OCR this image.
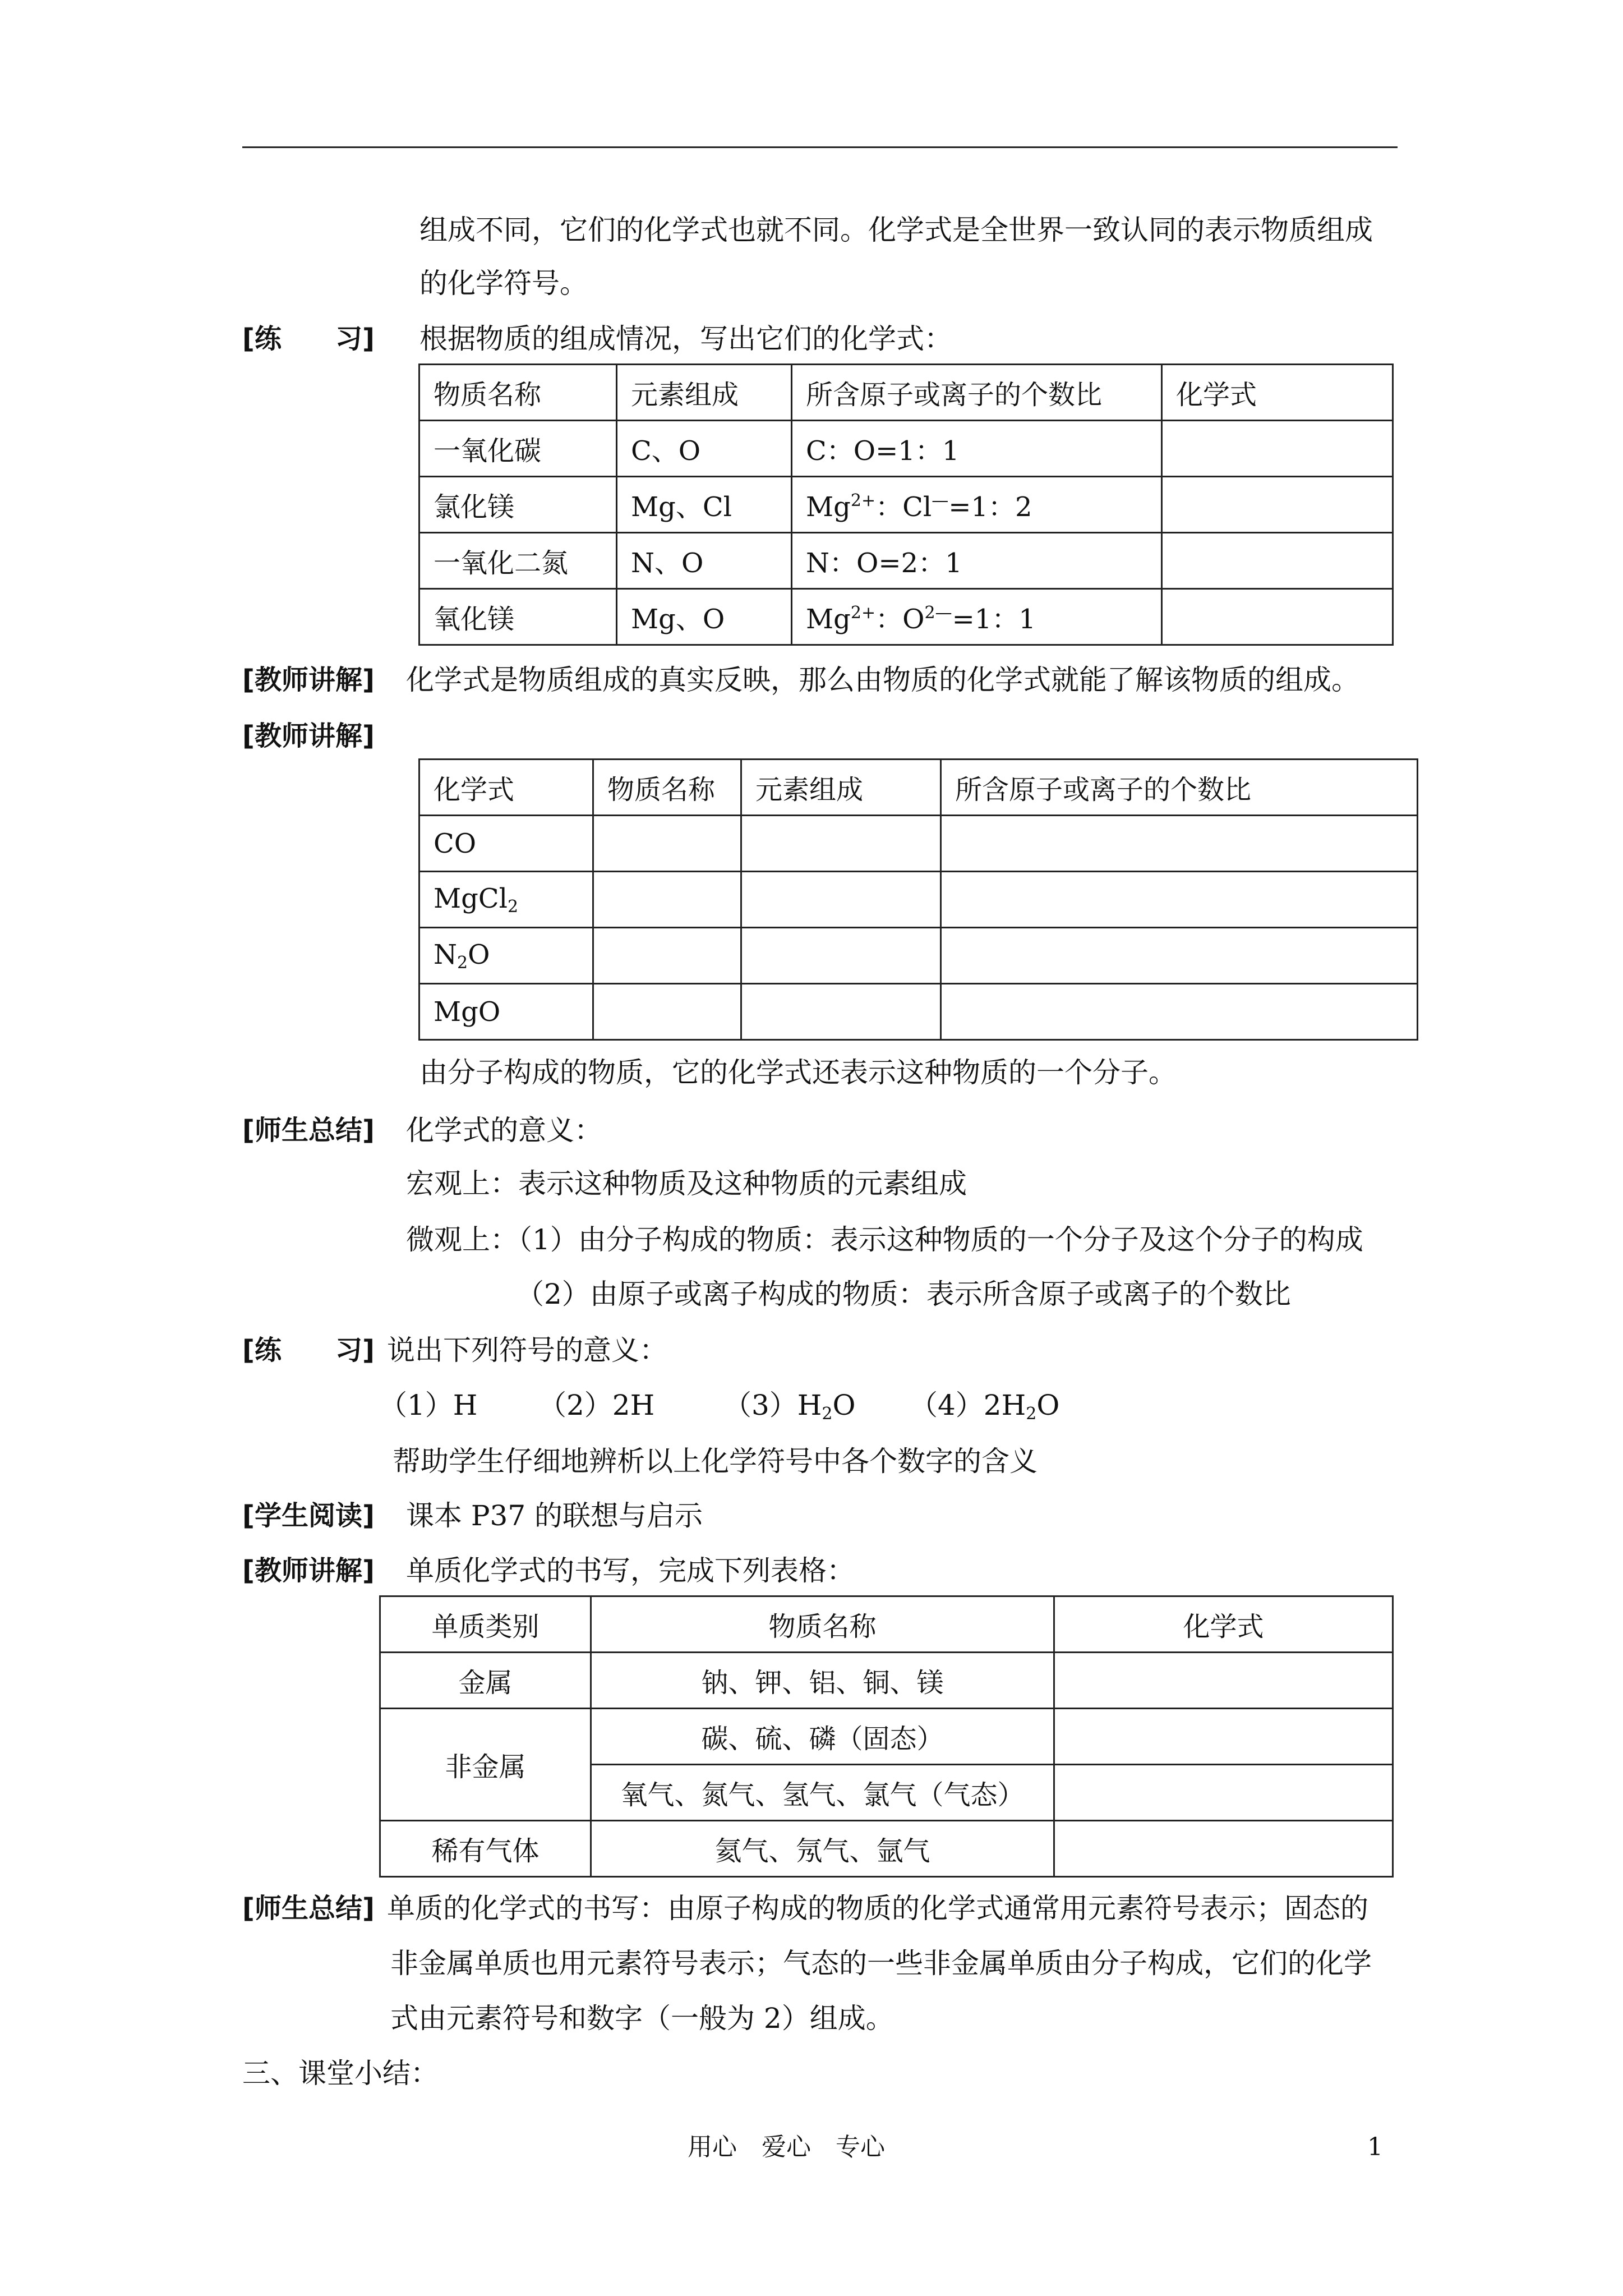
组成不同，它们的化学式也就不同。化学式是全世界一致认同的表示物质组成
的化学符号。
[练　　习] 根据物质的组成情况，写出它们的化学式：
物质名称	元素组成	所含原子或离子的个数比	化学式
一氧化碳	C、O	C：O=1：1	
氯化镁	Mg、Cl	$Mg^{2+}$：Cl—=1：2	
一氧化二氮	N、O	N：O=2：1	
氧化镁	Mg、O	$Mg^{2+}$：$O^{2—}=1$：1	
[教师讲解] 化学式是物质组成的真实反映，那么由物质的化学式就能了解该物质的组成。
[教师讲解]
化学式	物质名称	元素组成	所含原子或离子的个数比
CO			
MgCl$_2$			
$N_2O$			
MgO			
由分子构成的物质，它的化学式还表示这种物质的一个分子。
[师生总结] 化学式的意义：
宏观上：表示这种物质及这种物质的元素组成
微观上：（1）由分子构成的物质：表示这种物质的一个分子及这个分子的构成
（2）由原子或离子构成的物质：表示所含原子或离子的个数比
[练　　习] 说出下列符号的意义：
（1）H （2）2H $(3)H_2O$ $(4)2H_2O$
帮助学生仔细地辨析以上化学符号中各个数字的含义
[学生阅读] 课本 P37 的联想与启示
[教师讲解] 单质化学式的书写，完成下列表格：
单质类别	物质名称	化学式
金属	钠、钾、铝、铜、镁	
非金属	碳、硫、磷（固态）	
	氧气、氮气、氢气、氯气（气态）	
稀有气体	氦气、氖气、氩气	
[师生总结] 单质的化学式的书写：由原子构成的物质的化学式通常用元素符号表示；固态的
非金属单质也用元素符号表示；气态的一些非金属单质由分子构成，它们的化学
式由元素符号和数字（一般为 2）组成。
三、课堂小结：
用心　爱心　专心	1
